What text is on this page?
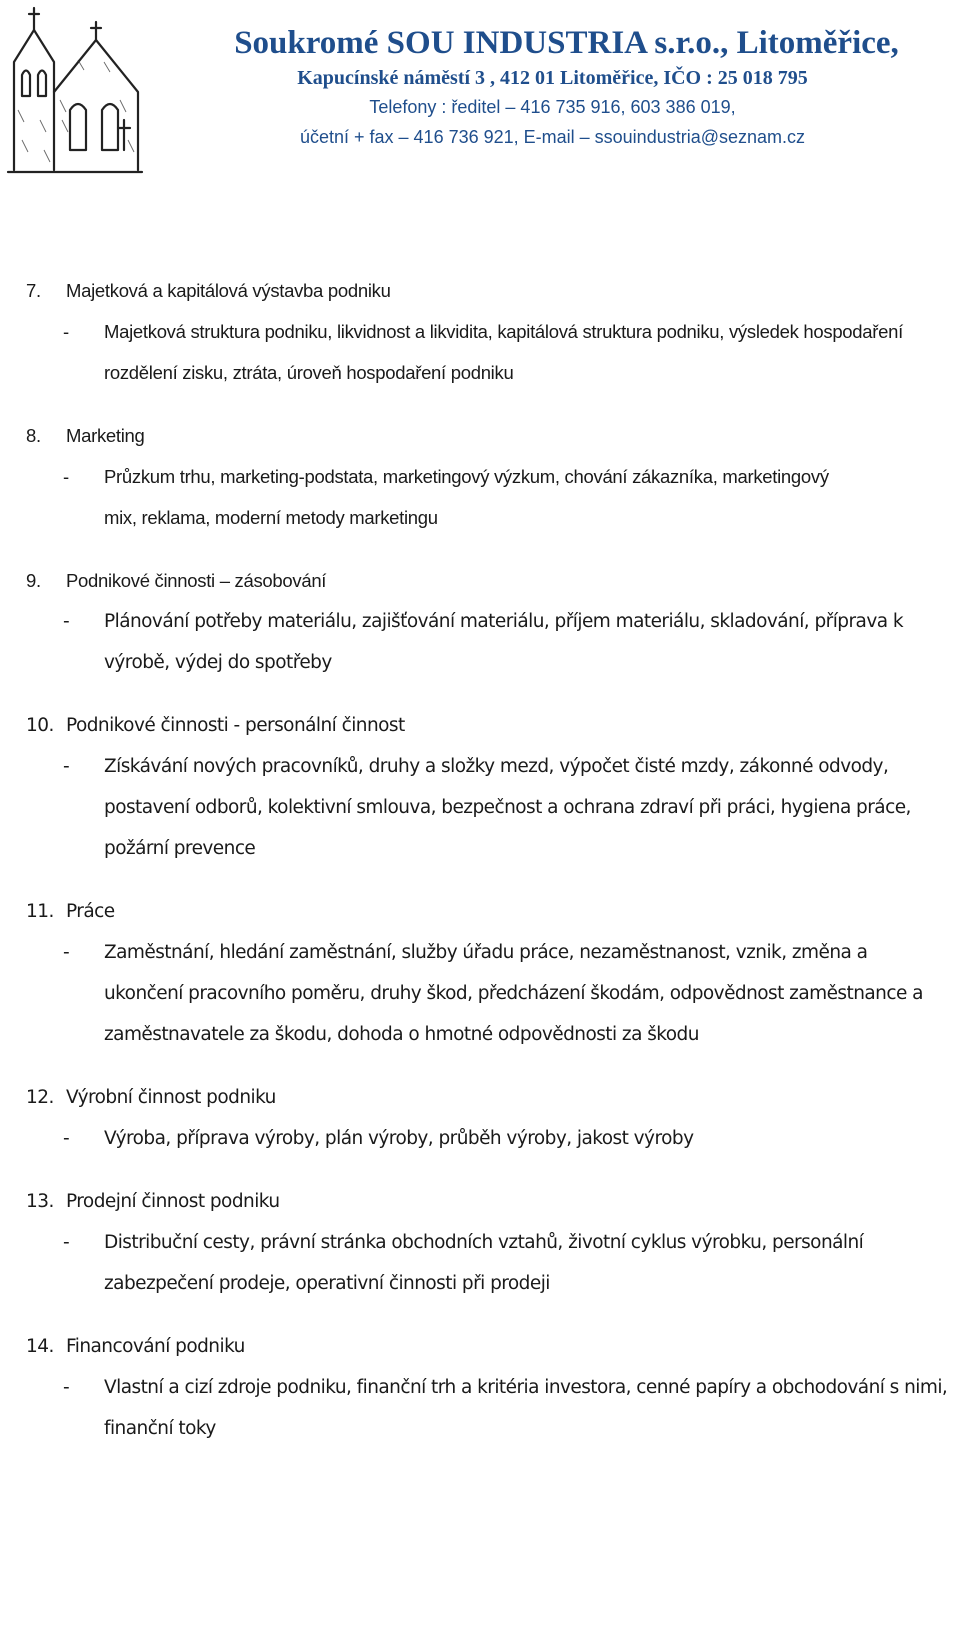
Soukromé SOU INDUSTRIA s.r.o., Litoměřice,
Kapucínské náměstí 3 , 412 01 Litoměřice, IČO : 25 018 795
Telefony : ředitel – 416 735 916, 603 386 019,
účetní + fax – 416 736 921, E-mail – ssouindustria@seznam.cz
7. Majetková a kapitálová výstavba podniku
- Majetková struktura podniku, likvidnost a likvidita, kapitálová struktura podniku, výsledek hospodaření rozdělení zisku, ztráta, úroveň hospodaření podniku
8. Marketing
- Průzkum trhu, marketing-podstata, marketingový výzkum, chování zákazníka, marketingový mix, reklama, moderní metody marketingu
9. Podnikové činnosti – zásobování
- Plánování potřeby materiálu, zajišťování materiálu, příjem materiálu, skladování, příprava k výrobě, výdej do spotřeby
10. Podnikové činnosti - personální činnost
- Získávání nových pracovníků, druhy a složky mezd, výpočet čisté mzdy, zákonné odvody, postavení odborů, kolektivní smlouva, bezpečnost a ochrana zdraví při práci, hygiena práce, požární prevence
11. Práce
- Zaměstnání, hledání zaměstnání, služby úřadu práce, nezaměstnanost, vznik, změna a ukončení pracovního poměru, druhy škod, předcházení škodám, odpovědnost zaměstnance a zaměstnavatele za škodu, dohoda o hmotné odpovědnosti za škodu
12. Výrobní činnost podniku
- Výroba, příprava výroby, plán výroby, průběh výroby, jakost výroby
13. Prodejní činnost podniku
- Distribuční cesty, právní stránka obchodních vztahů, životní cyklus výrobku, personální zabezpečení prodeje, operativní činnosti při prodeji
14. Financování podniku
- Vlastní a cizí zdroje podniku, finanční trh a kritéria investora, cenné papíry a obchodování s nimi, finanční toky
